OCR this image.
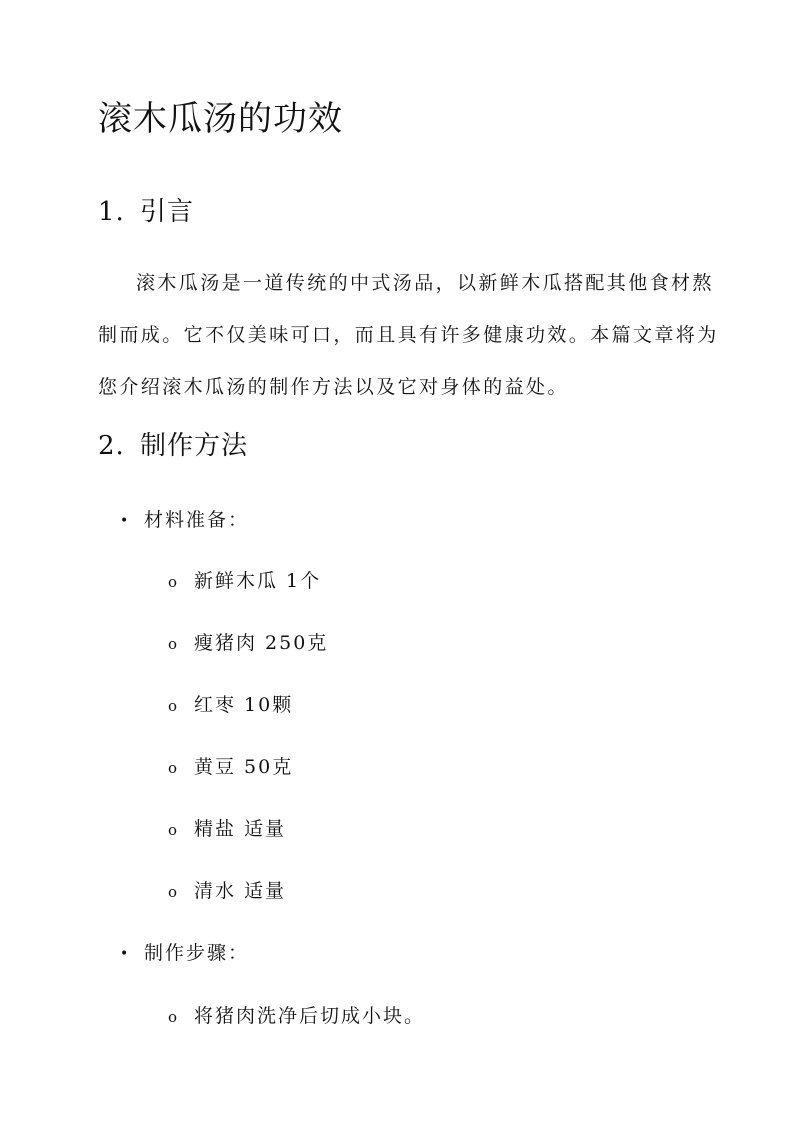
滚木瓜汤的功效
1. 引言
滚木瓜汤是一道传统的中式汤品，以新鲜木瓜搭配其他食材熬
制而成。它不仅美味可口，而且具有许多健康功效。本篇文章将为
您介绍滚木瓜汤的制作方法以及它对身体的益处。
2. 制作方法
• 材料准备：
o 新鲜木瓜 1个
o 瘦猪肉 250克
o 红枣 10颗
o 黄豆 50克
o 精盐 适量
o 清水 适量
• 制作步骤：
o 将猪肉洗净后切成小块。
